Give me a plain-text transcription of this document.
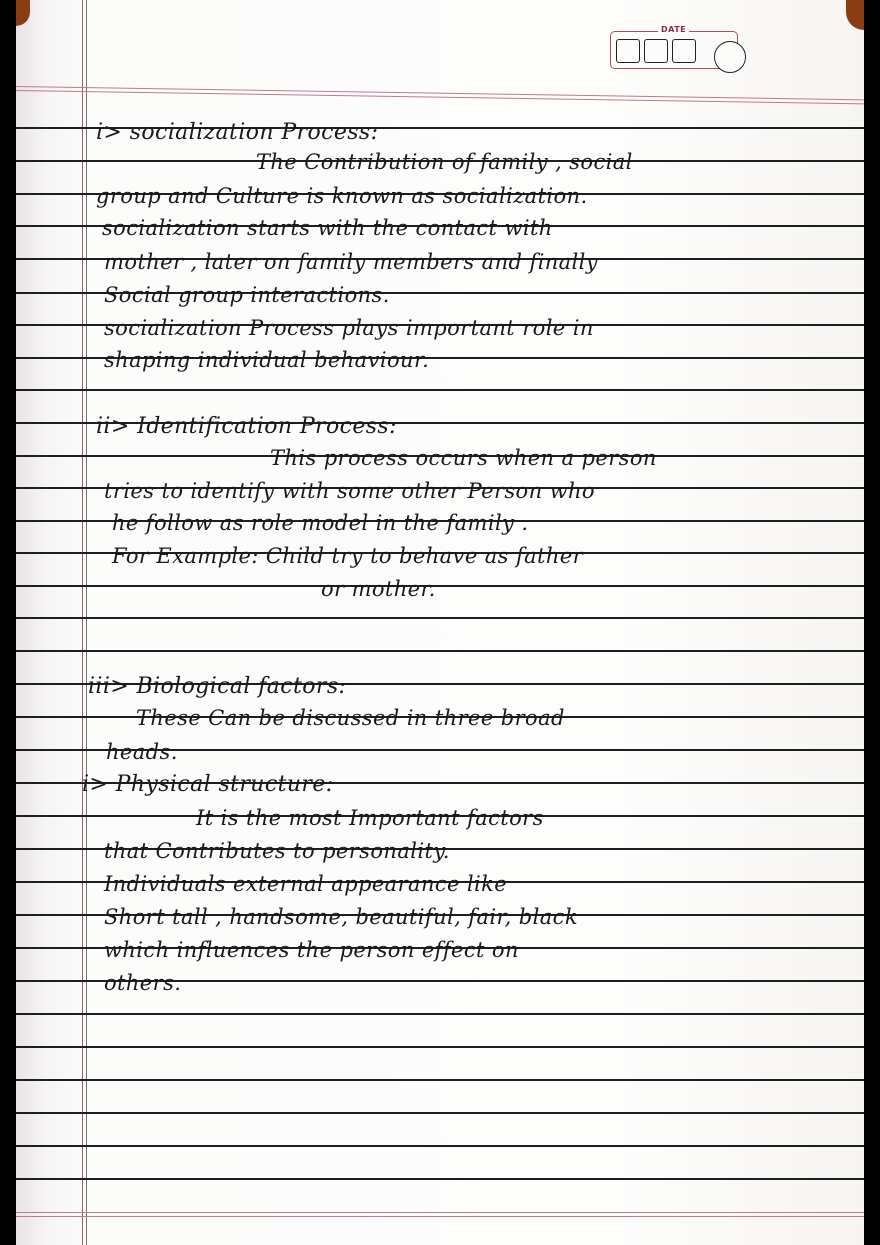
DATE
i> socialization Process:
The Contribution of family , social
group and Culture is known as socialization.
socialization starts with the contact with
mother , later on family members and finally
Social group interactions.
socialization Process plays important role in
shaping individual behaviour.
ii> Identification Process:
This process occurs when a person
tries to identify with some other Person who
he follow as role model in the family .
For Example: Child try to behave as father
or mother.
iii> Biological factors:
These Can be discussed in three broad
heads.
i> Physical structure:
It is the most Important factors
that Contributes to personality.
Individuals external appearance like
Short tall , handsome, beautiful, fair, black
which influences the person effect on
others.
